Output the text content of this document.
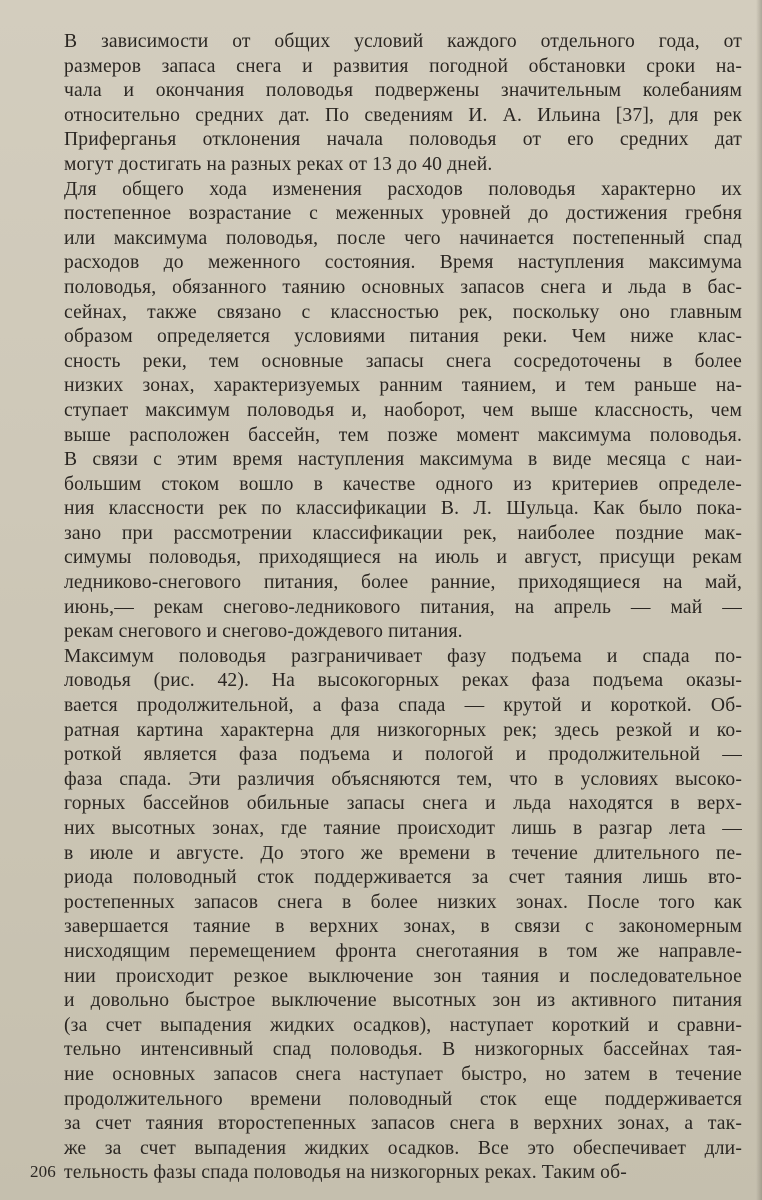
В зависимости от общих условий каждого отдельного года, от
размеров запаса снега и развития погодной обстановки сроки на-
чала и окончания половодья подвержены значительным колебаниям
относительно средних дат. По сведениям И. А. Ильина [37], для рек
Приферганья отклонения начала половодья от его средних дат
могут достигать на разных реках от 13 до 40 дней.
Для общего хода изменения расходов половодья характерно их
постепенное возрастание с меженных уровней до достижения гребня
или максимума половодья, после чего начинается постепенный спад
расходов до меженного состояния. Время наступления максимума
половодья, обязанного таянию основных запасов снега и льда в бас-
сейнах, также связано с классностью рек, поскольку оно главным
образом определяется условиями питания реки. Чем ниже клас-
сность реки, тем основные запасы снега сосредоточены в более
низких зонах, характеризуемых ранним таянием, и тем раньше на-
ступает максимум половодья и, наоборот, чем выше классность, чем
выше расположен бассейн, тем позже момент максимума половодья.
В связи с этим время наступления максимума в виде месяца с наи-
большим стоком вошло в качестве одного из критериев определе-
ния классности рек по классификации В. Л. Шульца. Как было пока-
зано при рассмотрении классификации рек, наиболее поздние мак-
симумы половодья, приходящиеся на июль и август, присущи рекам
ледниково-снегового питания, более ранние, приходящиеся на май,
июнь,— рекам снегово-ледникового питания, на апрель — май —
рекам снегового и снегово-дождевого питания.
Максимум половодья разграничивает фазу подъема и спада по-
ловодья (рис. 42). На высокогорных реках фаза подъема оказы-
вается продолжительной, а фаза спада — крутой и короткой. Об-
ратная картина характерна для низкогорных рек; здесь резкой и ко-
роткой является фаза подъема и пологой и продолжительной —
фаза спада. Эти различия объясняются тем, что в условиях высоко-
горных бассейнов обильные запасы снега и льда находятся в верх-
них высотных зонах, где таяние происходит лишь в разгар лета —
в июле и августе. До этого же времени в течение длительного пе-
риода половодный сток поддерживается за счет таяния лишь вто-
ростепенных запасов снега в более низких зонах. После того как
завершается таяние в верхних зонах, в связи с закономерным
нисходящим перемещением фронта снеготаяния в том же направле-
нии происходит резкое выключение зон таяния и последовательное
и довольно быстрое выключение высотных зон из активного питания
(за счет выпадения жидких осадков), наступает короткий и сравни-
тельно интенсивный спад половодья. В низкогорных бассейнах тая-
ние основных запасов снега наступает быстро, но затем в течение
продолжительного времени половодный сток еще поддерживается
за счет таяния второстепенных запасов снега в верхних зонах, а так-
же за счет выпадения жидких осадков. Все это обеспечивает дли-
тельность фазы спада половодья на низкогорных реках. Таким об-
206
